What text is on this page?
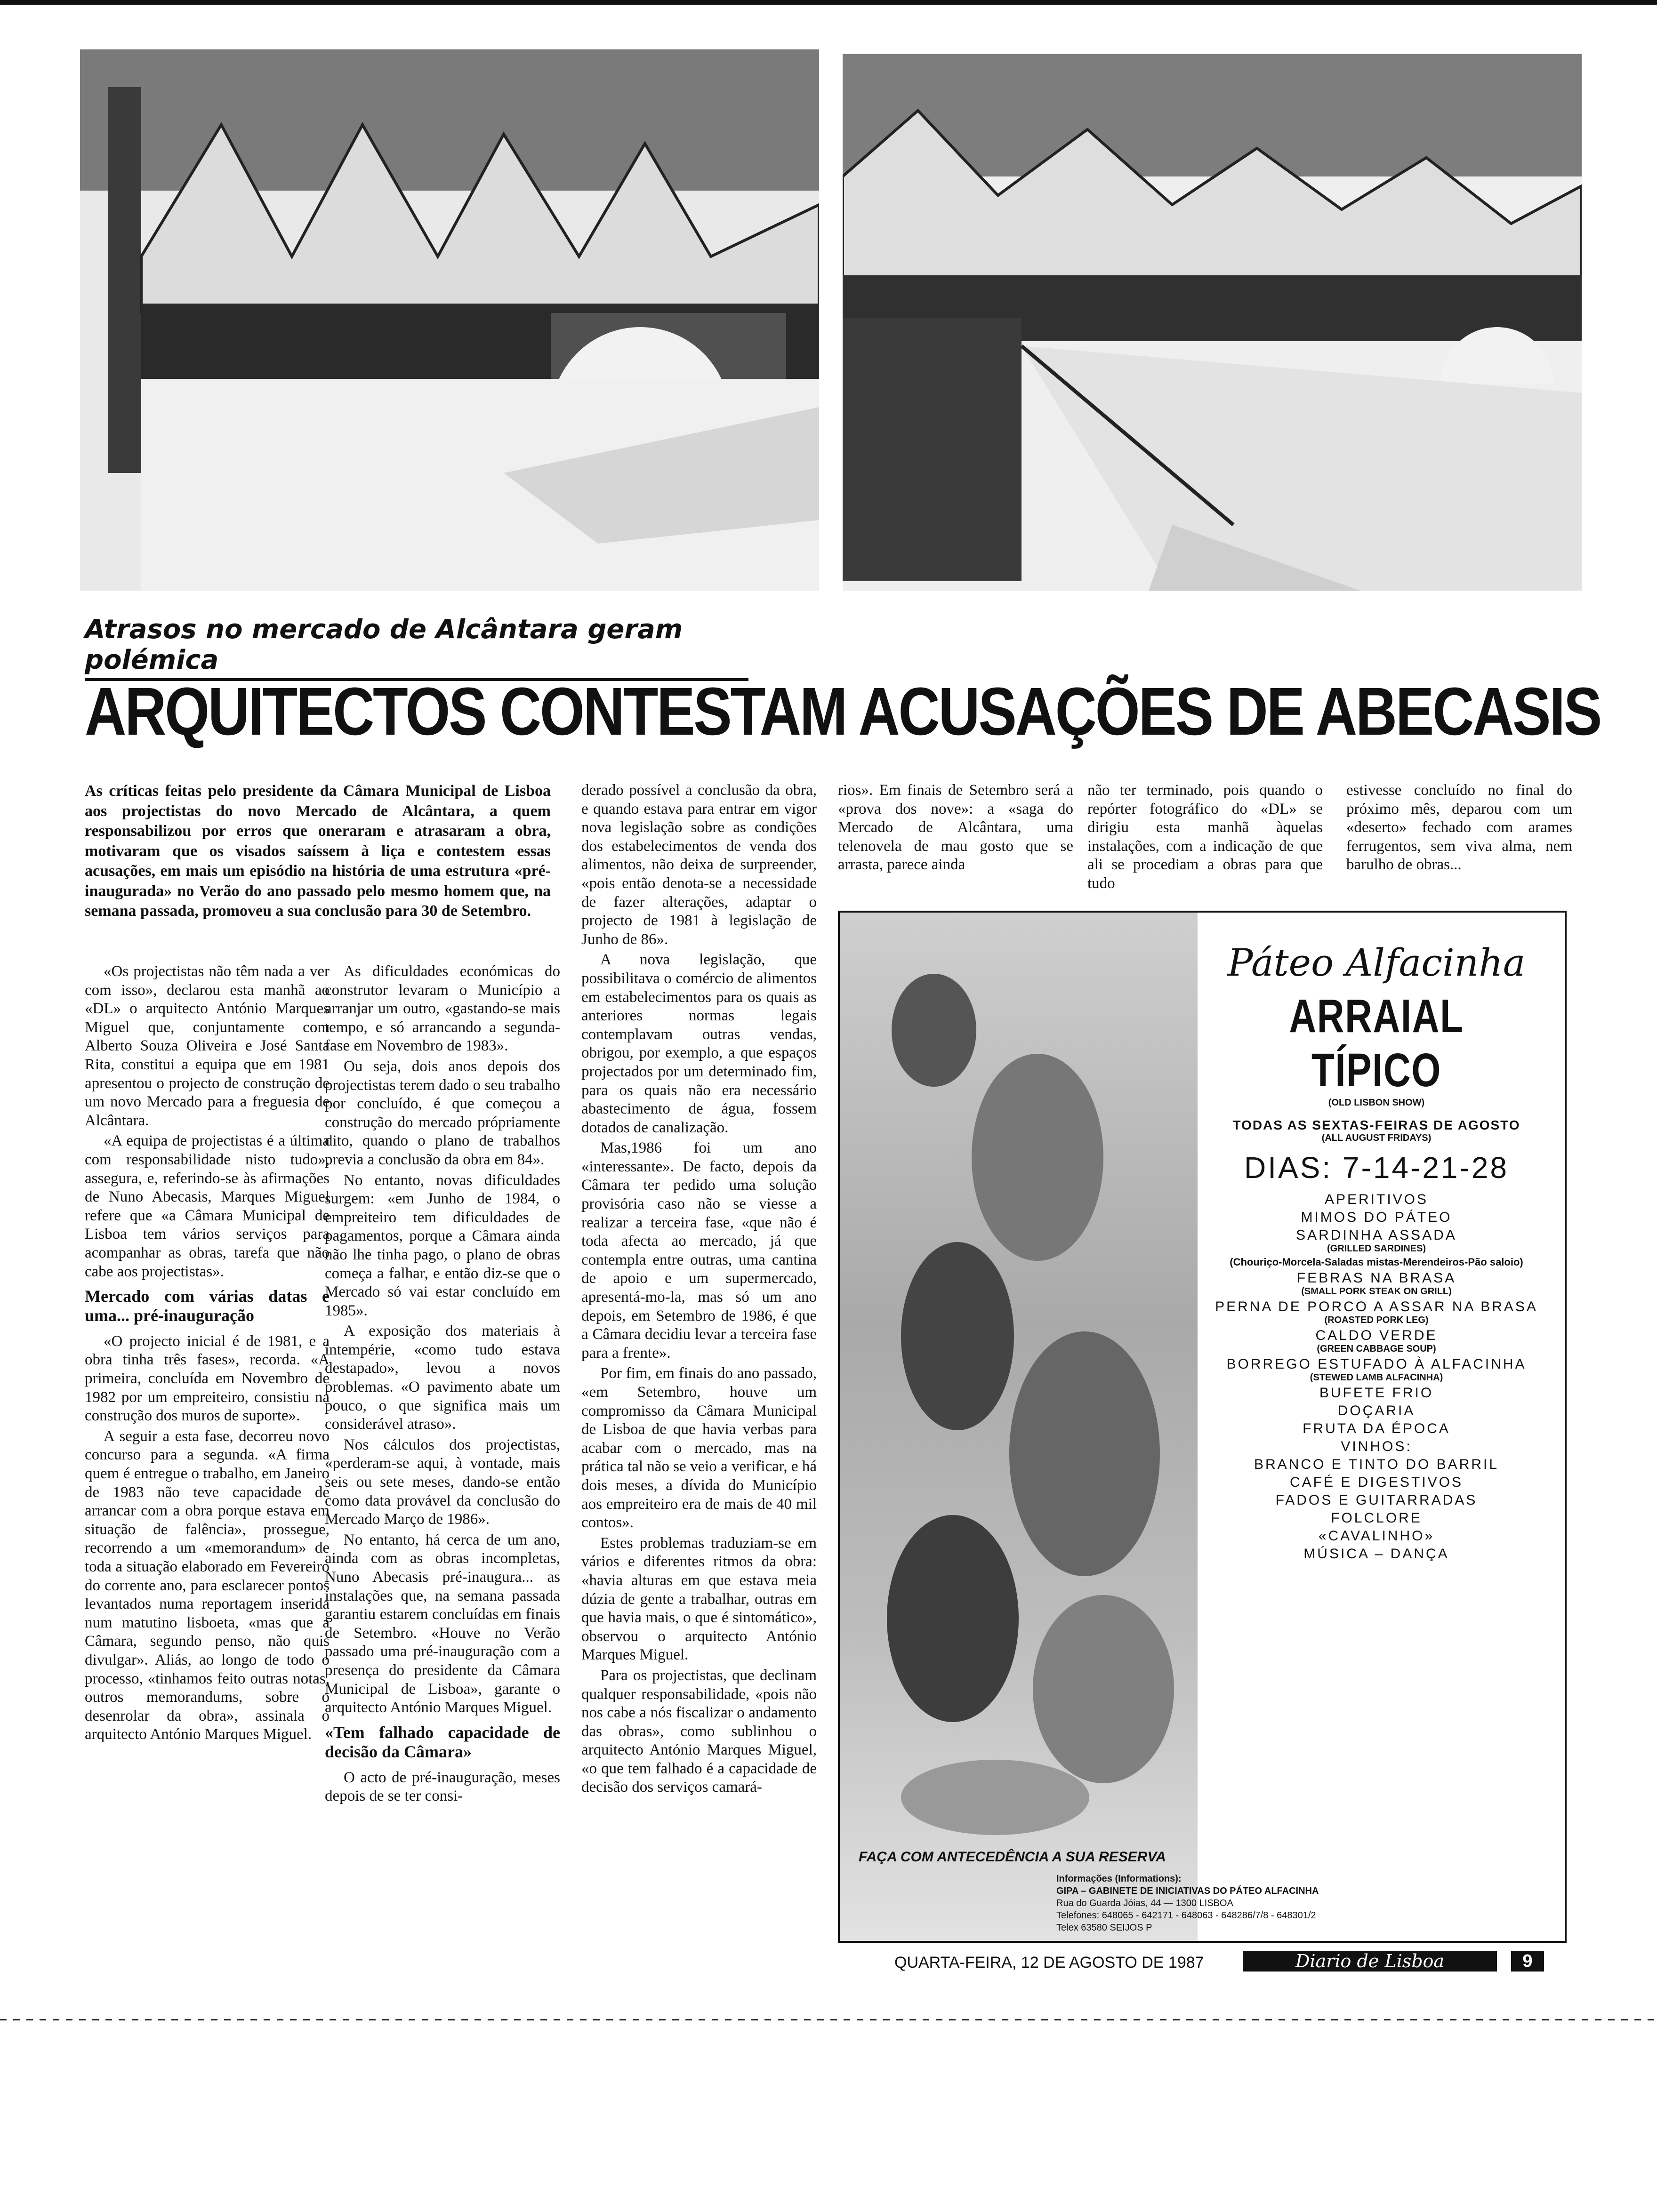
Atrasos no mercado de Alcântara geram polémica
ARQUITECTOS CONTESTAM ACUSAÇÕES DE ABECASIS
As críticas feitas pelo presidente da Câmara Municipal de Lisboa aos projectistas do novo Mercado de Alcântara, a quem responsabilizou por erros que oneraram e atrasaram a obra, motivaram que os visados saíssem à liça e contestem essas acusações, em mais um episódio na história de uma estrutura «pré-inaugurada» no Verão do ano passado pelo mesmo homem que, na semana passada, promoveu a sua conclusão para 30 de Setembro.

«Os projectistas não têm nada a ver com isso», declarou esta manhã ao «DL» o arquitecto António Marques Miguel que, conjuntamente com Alberto Souza Oliveira e José Santa Rita, constitui a equipa que em 1981 apresentou o projecto de construção de um novo Mercado para a freguesia de Alcântara.

«A equipa de projectistas é a última com responsabilidade nisto tudo», assegura, e, referindo-se às afirmações de Nuno Abecasis, Marques Miguel refere que «a Câmara Municipal de Lisboa tem vários serviços para acompanhar as obras, tarefa que não cabe aos projectistas».

Mercado com várias datas e uma... pré-inauguração

«O projecto inicial é de 1981, e a obra tinha três fases», recorda. «A primeira, concluída em Novembro de 1982 por um empreiteiro, consistiu na construção dos muros de suporte».

A seguir a esta fase, decorreu novo concurso para a segunda. «A firma quem é entregue o trabalho, em Janeiro de 1983 não teve capacidade de arrancar com a obra porque estava em situação de falência», prossegue, recorrendo a um «memorandum» de toda a situação elaborado em Fevereiro do corrente ano, para esclarecer pontos levantados numa reportagem inserida num matutino lisboeta, «mas que a Câmara, segundo penso, não quis divulgar». Aliás, ao longo de todo o processo, «tinhamos feito outras notas, outros memorandums, sobre o desenrolar da obra», assinala o arquitecto António Marques Miguel.

As dificuldades económicas do construtor levaram o Município a arranjar um outro, «gastando-se mais tempo, e só arrancando a segunda-fase em Novembro de 1983».

Ou seja, dois anos depois dos projectistas terem dado o seu trabalho por concluído, é que começou a construção do mercado própriamente dito, quando o plano de trabalhos previa a conclusão da obra em 84».

No entanto, novas dificuldades surgem: «em Junho de 1984, o empreiteiro tem dificuldades de pagamentos, porque a Câmara ainda não lhe tinha pago, o plano de obras começa a falhar, e então diz-se que o Mercado só vai estar concluído em 1985».

A exposição dos materiais à intempérie, «como tudo estava destapado», levou a novos problemas. «O pavimento abate um pouco, o que significa mais um considerável atraso».

Nos cálculos dos projectistas, «perderam-se aqui, à vontade, mais seis ou sete meses, dando-se então como data provável da conclusão do Mercado Março de 1986».

No entanto, há cerca de um ano, ainda com as obras incompletas, Nuno Abecasis pré-inaugura... as instalações que, na semana passada garantiu estarem concluídas em finais de Setembro. «Houve no Verão passado uma pré-inauguração com a presença do presidente da Câmara Municipal de Lisboa», garante o arquitecto António Marques Miguel.

«Tem falhado capacidade de decisão da Câmara»

O acto de pré-inauguração, meses depois de se ter consi-

derado possível a conclusão da obra, e quando estava para entrar em vigor nova legislação sobre as condições dos estabelecimentos de venda dos alimentos, não deixa de surpreender, «pois então denota-se a necessidade de fazer alterações, adaptar o projecto de 1981 à legislação de Junho de 86».

A nova legislação, que possibilitava o comércio de alimentos em estabelecimentos para os quais as anteriores normas legais contemplavam outras vendas, obrigou, por exemplo, a que espaços projectados por um determinado fim, para os quais não era necessário abastecimento de água, fossem dotados de canalização.

Mas,1986 foi um ano «interessante». De facto, depois da Câmara ter pedido uma solução provisória caso não se viesse a realizar a terceira fase, «que não é toda afecta ao mercado, já que contempla entre outras, uma cantina de apoio e um supermercado, apresentá-mo-la, mas só um ano depois, em Setembro de 1986, é que a Câmara decidiu levar a terceira fase para a frente».

Por fim, em finais do ano passado, «em Setembro, houve um compromisso da Câmara Municipal de Lisboa de que havia verbas para acabar com o mercado, mas na prática tal não se veio a verificar, e há dois meses, a dívida do Município aos empreiteiro era de mais de 40 mil contos».

Estes problemas traduziam-se em vários e diferentes ritmos da obra: «havia alturas em que estava meia dúzia de gente a trabalhar, outras em que havia mais, o que é sintomático», observou o arquitecto António Marques Miguel.

Para os projectistas, que declinam qualquer responsabilidade, «pois não nos cabe a nós fiscalizar o andamento das obras», como sublinhou o arquitecto António Marques Miguel, «o que tem falhado é a capacidade de decisão dos serviços camará-

rios». Em finais de Setembro será a «prova dos nove»: a «saga do Mercado de Alcântara, uma telenovela de mau gosto que se arrasta, parece ainda
não ter terminado, pois quando o repórter fotográfico do «DL» se dirigiu esta manhã àquelas instalações, com a indicação de que ali se procediam a obras para que tudo
estivesse concluído no final do próximo mês, deparou com um «deserto» fechado com arames ferrugentos, sem viva alma, nem barulho de obras...
Páteo Alfacinha
ARRAIAL TÍPICO
(OLD LISBON SHOW)
TODAS AS SEXTAS-FEIRAS DE AGOSTO
(ALL AUGUST FRIDAYS)
DIAS: 7-14-21-28
APERITIVOS
MIMOS DO PÁTEO
SARDINHA ASSADA
(GRILLED SARDINES)
(Chouriço-Morcela-Saladas mistas-Merendeiros-Pão saloio)
FEBRAS NA BRASA
(SMALL PORK STEAK ON GRILL)
PERNA DE PORCO A ASSAR NA BRASA
(ROASTED PORK LEG)
CALDO VERDE
(GREEN CABBAGE SOUP)
BORREGO ESTUFADO À ALFACINHA
(STEWED LAMB ALFACINHA)
BUFETE FRIO
DOÇARIA
FRUTA DA ÉPOCA
VINHOS:
BRANCO E TINTO DO BARRIL
CAFÉ E DIGESTIVOS
FADOS E GUITARRADAS
FOLCLORE
«CAVALINHO»
MÚSICA – DANÇA
FAÇA COM ANTECEDÊNCIA A SUA RESERVA
Informações (Informations):
GIPA – GABINETE DE INICIATIVAS DO PÁTEO ALFACINHA
Rua do Guarda Jóias, 44 — 1300 LISBOA
Telefones: 648065 - 642171 - 648063 - 648286/7/8 - 648301/2
Telex 63580 SEIJOS P
QUARTA-FEIRA, 12 DE AGOSTO DE 1987	Diario de Lisboa	9
